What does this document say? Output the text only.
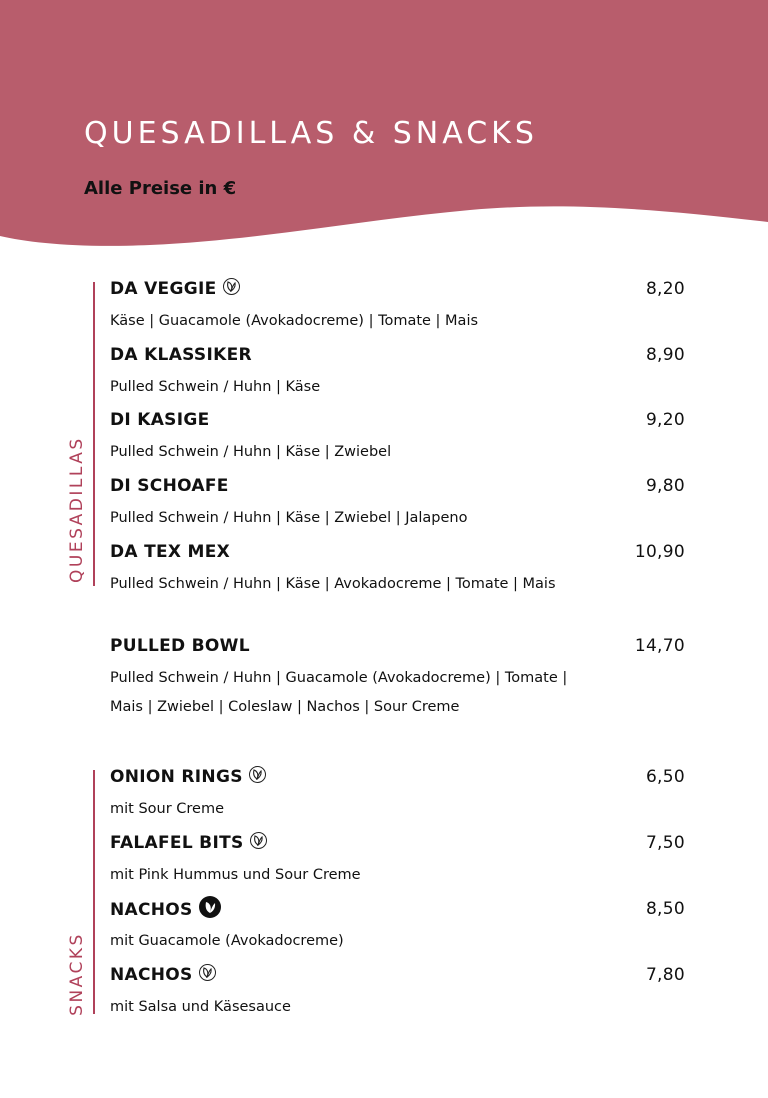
QUESADILLAS & SNACKS
Alle Preise in €
QUESADILLAS
DA VEGGIE	8,20
Käse | Guacamole (Avokadocreme) | Tomate | Mais
DA KLASSIKER	8,90
Pulled Schwein / Huhn | Käse
DI KASIGE	9,20
Pulled Schwein / Huhn | Käse | Zwiebel
DI SCHOAFE	9,80
Pulled Schwein / Huhn | Käse | Zwiebel | Jalapeno
DA TEX MEX	10,90
Pulled Schwein / Huhn | Käse | Avokadocreme | Tomate | Mais
PULLED BOWL	14,70
Pulled Schwein / Huhn | Guacamole (Avokadocreme) | Tomate |
Mais | Zwiebel | Coleslaw | Nachos | Sour Creme
SNACKS
ONION RINGS	6,50
mit Sour Creme
FALAFEL BITS	7,50
mit Pink Hummus und Sour Creme
NACHOS	8,50
mit Guacamole (Avokadocreme)
NACHOS	7,80
mit Salsa und Käsesauce
